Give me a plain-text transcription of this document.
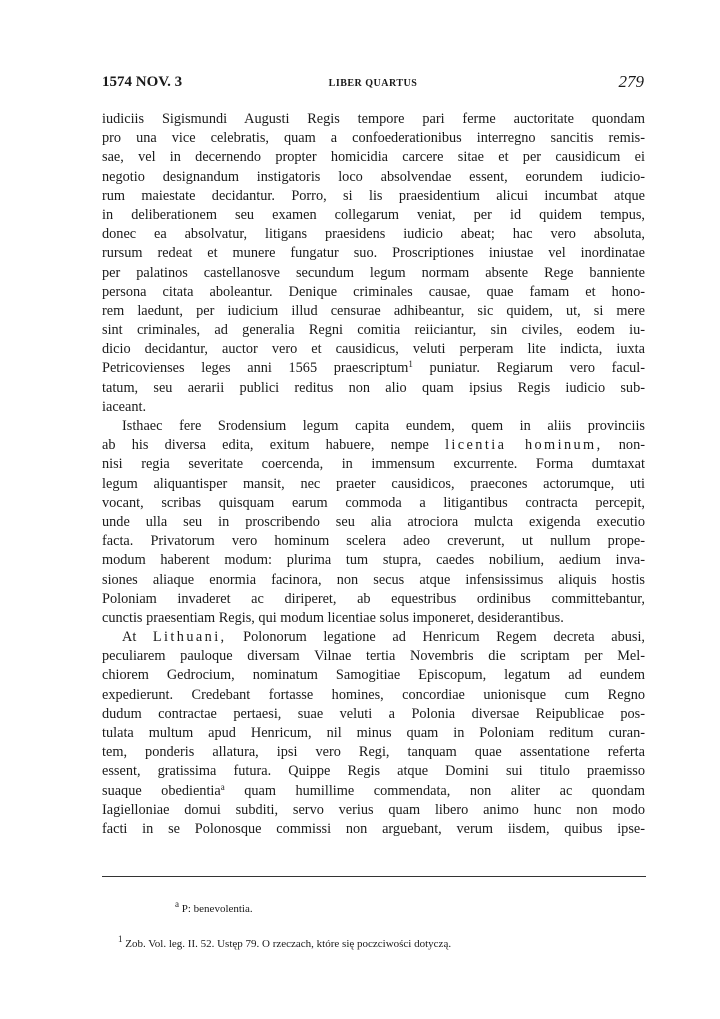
1574 NOV. 3	LIBER QUARTUS	279
iudiciis Sigismundi Augusti Regis tempore pari ferme auctoritate quondam
pro una vice celebratis, quam a confoederationibus interregno sancitis remis-
sae, vel in decernendo propter homicidia carcere sitae et per causidicum ei
negotio designandum instigatoris loco absolvendae essent, eorundem iudicio-
rum maiestate decidantur. Porro, si lis praesidentium alicui incumbat atque
in deliberationem seu examen collegarum veniat, per id quidem tempus,
donec ea absolvatur, litigans praesidens iudicio abeat; hac vero absoluta,
rursum redeat et munere fungatur suo. Proscriptiones iniustae vel inordinatae
per palatinos castellanosve secundum legum normam absente Rege banniente
persona citata aboleantur. Denique criminales causae, quae famam et hono-
rem laedunt, per iudicium illud censurae adhibeantur, sic quidem, ut, si mere
sint criminales, ad generalia Regni comitia reiiciantur, sin civiles, eodem iu-
dicio decidantur, auctor vero et causidicus, veluti perperam lite indicta, iuxta
Petricovienses leges anni 1565 praescriptum$^1$ puniatur. Regiarum vero facul-
tatum, seu aerarii publici reditus non alio quam ipsius Regis iudicio sub-
iaceant.
Isthaec fere Srodensium legum capita eundem, quem in aliis provinciis
ab his diversa edita, exitum habuere, nempe licentia hominum, non-
nisi regia severitate coercenda, in immensum excurrente. Forma dumtaxat
legum aliquantisper mansit, nec praeter causidicos, praecones actorumque, uti
vocant, scribas quisquam earum commoda a litigantibus contracta percepit,
unde ulla seu in proscribendo seu alia atrociora mulcta exigenda executio
facta. Privatorum vero hominum scelera adeo creverunt, ut nullum prope-
modum haberent modum: plurima tum stupra, caedes nobilium, aedium inva-
siones aliaque enormia facinora, non secus atque infensissimus aliquis hostis
Poloniam invaderet ac diriperet, ab equestribus ordinibus committebantur,
cunctis praesentiam Regis, qui modum licentiae solus imponeret, desiderantibus.
At Lithuani, Polonorum legatione ad Henricum Regem decreta abusi,
peculiarem pauloque diversam Vilnae tertia Novembris die scriptam per Mel-
chiorem Gedrocium, nominatum Samogitiae Episcopum, legatum ad eundem
expedierunt. Credebant fortasse homines, concordiae unionisque cum Regno
dudum contractae pertaesi, suae veluti a Polonia diversae Reipublicae pos-
tulata multum apud Henricum, nil minus quam in Poloniam reditum curan-
tem, ponderis allatura, ipsi vero Regi, tanquam quae assentatione referta
essent, gratissima futura. Quippe Regis atque Domini sui titulo praemisso
suaque obedientia$^a$ quam humillime commendata, non aliter ac quondam
Iagielloniae domui subditi, servo verius quam libero animo hunc non modo
facti in se Polonosque commissi non arguebant, verum iisdem, quibus ipse-
$^a$ P: benevolentia.
$^1$ Zob. Vol. leg. II. 52. Ustęp 79. O rzeczach, które się poczciwości dotyczą.
